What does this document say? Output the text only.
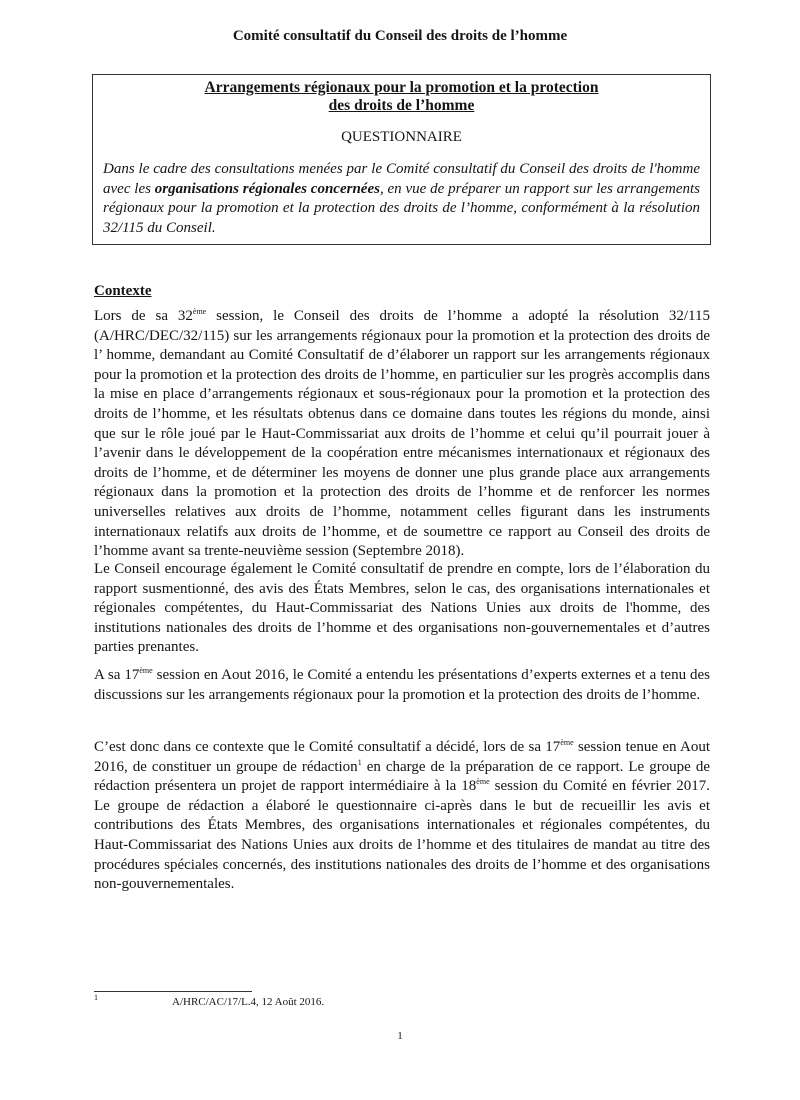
Comité consultatif du Conseil des droits de l’homme
Arrangements régionaux pour la promotion et la protection
des droits de l’homme
QUESTIONNAIRE

Dans le cadre des consultations menées par le Comité consultatif du Conseil des droits de l'homme avec les organisations régionales concernées, en vue de préparer un rapport sur les arrangements régionaux pour la promotion et la protection des droits de l’homme, conformément à la résolution 32/115 du Conseil.

Contexte

Lors de sa 32ème session, le Conseil des droits de l’homme a adopté la résolution 32/115 (A/HRC/DEC/32/115) sur les arrangements régionaux pour la promotion et la protection des droits de l’ homme, demandant au Comité Consultatif de d’élaborer un rapport sur les arrangements régionaux pour la promotion et la protection des droits de l’homme, en particulier sur les progrès accomplis dans la mise en place d’arrangements régionaux et sous-régionaux pour la promotion et la protection des droits de l’homme, et les résultats obtenus dans ce domaine dans toutes les régions du monde, ainsi que sur le rôle joué par le Haut-Commissariat aux droits de l’homme et celui qu’il pourrait jouer à l’avenir dans le développement de la coopération entre mécanismes internationaux et régionaux des droits de l’homme, et de déterminer les moyens de donner une plus grande place aux arrangements régionaux dans la promotion et la protection des droits de l’homme et de renforcer les normes universelles relatives aux droits de l’homme, notamment celles figurant dans les instruments internationaux relatifs aux droits de l’homme, et de soumettre ce rapport au Conseil des droits de l’homme avant sa trente-neuvième session (Septembre 2018).

Le Conseil encourage également le Comité consultatif de prendre en compte, lors de l’élaboration du rapport susmentionné, des avis des États Membres, selon le cas, des organisations internationales et régionales compétentes, du Haut-Commissariat des Nations Unies aux droits de l'homme, des institutions nationales des droits de l’homme et des organisations non-gouvernementales et d’autres parties prenantes.

A sa 17ème session en Aout 2016, le Comité a entendu les présentations d’experts externes et a tenu des discussions sur les arrangements régionaux pour la promotion et la protection des droits de l’homme.

C’est donc dans ce contexte que le Comité consultatif a décidé, lors de sa 17ème session tenue en Aout 2016, de constituer un groupe de rédaction$^1$ en charge de la préparation de ce rapport. Le groupe de rédaction présentera un projet de rapport intermédiaire à la 18ème session du Comité en février 2017. Le groupe de rédaction a élaboré le questionnaire ci-après dans le but de recueillir les avis et contributions des États Membres, des organisations internationales et régionales compétentes, du Haut-Commissariat des Nations Unies aux droits de l’homme et des titulaires de mandat au titre des procédures spéciales concernés, des institutions nationales des droits de l’homme et des organisations non-gouvernementales.

1	A/HRC/AC/17/L.4, 12 Août 2016.
1
